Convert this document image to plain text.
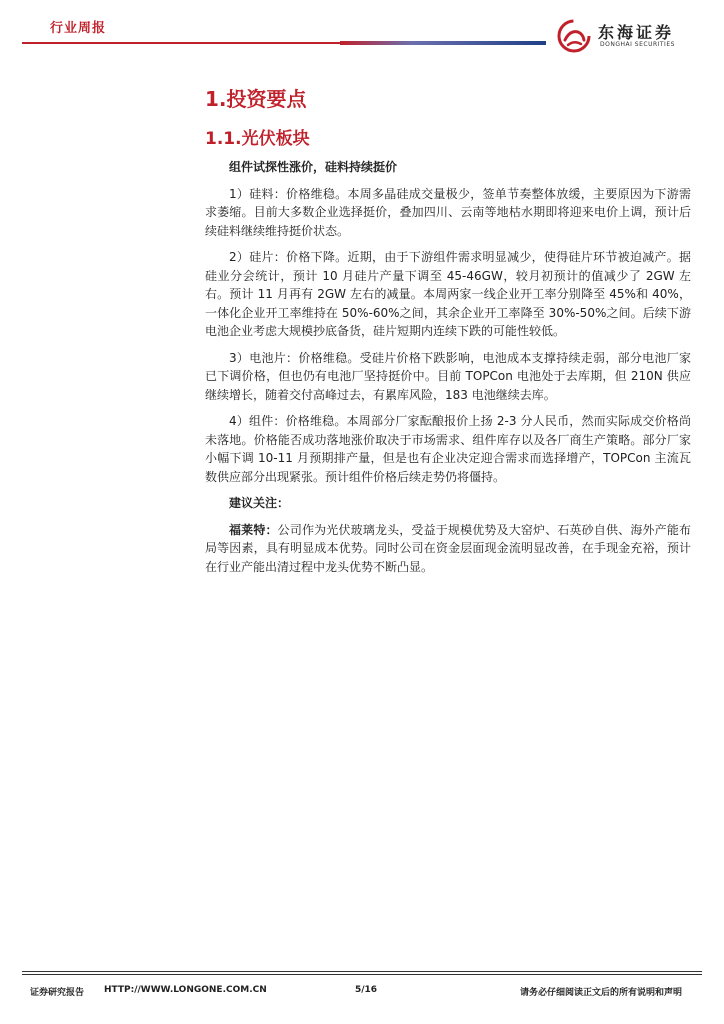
行业周报	东海证券
DONGHAI SECURITIES
1.投资要点
1.1.光伏板块

组件试探性涨价，硅料持续挺价

1）硅料：价格维稳。本周多晶硅成交量极少，签单节奏整体放缓，主要原因为下游需求萎缩。目前大多数企业选择挺价，叠加四川、云南等地枯水期即将迎来电价上调，预计后续硅料继续维持挺价状态。

2）硅片：价格下降。近期，由于下游组件需求明显减少，使得硅片环节被迫减产。据硅业分会统计，预计 10 月硅片产量下调至 45-46GW，较月初预计的值减少了 2GW 左右。预计 11 月再有 2GW 左右的减量。本周两家一线企业开工率分别降至 45%和 40%，一体化企业开工率维持在 50%-60%之间，其余企业开工率降至 30%-50%之间。后续下游电池企业考虑大规模抄底备货，硅片短期内连续下跌的可能性较低。

3）电池片：价格维稳。受硅片价格下跌影响，电池成本支撑持续走弱，部分电池厂家已下调价格，但也仍有电池厂坚持挺价中。目前 TOPCon 电池处于去库期，但 210N 供应继续增长，随着交付高峰过去，有累库风险，183 电池继续去库。

4）组件：价格维稳。本周部分厂家酝酿报价上扬 2-3 分人民币，然而实际成交价格尚未落地。价格能否成功落地涨价取决于市场需求、组件库存以及各厂商生产策略。部分厂家小幅下调 10-11 月预期排产量，但是也有企业决定迎合需求而选择增产，TOPCon 主流瓦数供应部分出现紧张。预计组件价格后续走势仍将僵持。

建议关注：

福莱特：公司作为光伏玻璃龙头，受益于规模优势及大窑炉、石英砂自供、海外产能布局等因素，具有明显成本优势。同时公司在资金层面现金流明显改善，在手现金充裕，预计在行业产能出清过程中龙头优势不断凸显。

证券研究报告 HTTP://WWW.LONGONE.COM.CN	5/16	请务必仔细阅读正文后的所有说明和声明
